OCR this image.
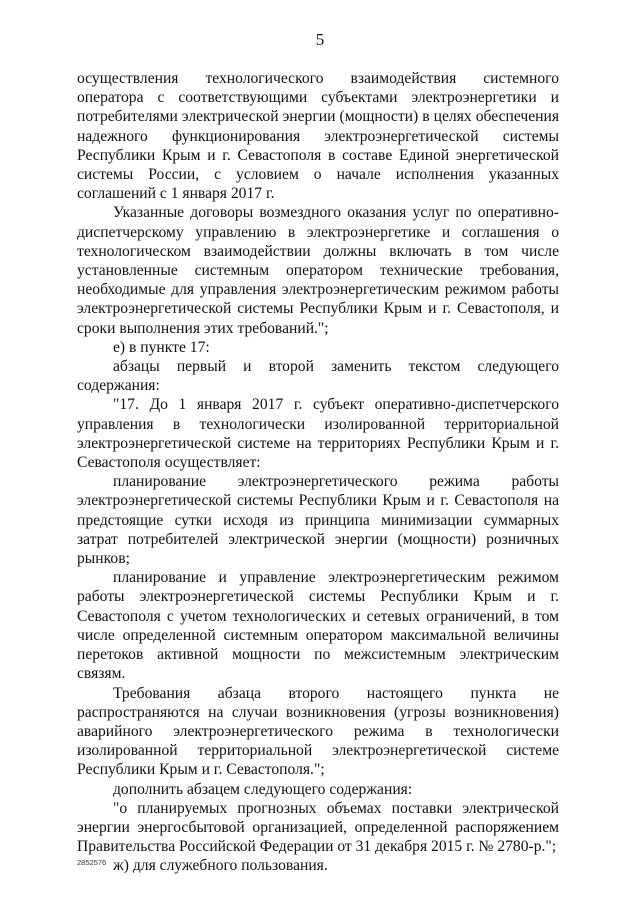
5

осуществления технологического взаимодействия системного оператора с соответствующими субъектами электроэнергетики и потребителями электрической энергии (мощности) в целях обеспечения надежного функционирования электроэнергетической системы Республики Крым и г. Севастополя в составе Единой энергетической системы России, с условием о начале исполнения указанных соглашений с 1 января 2017 г.

Указанные договоры возмездного оказания услуг по оперативно-диспетчерскому управлению в электроэнергетике и соглашения о технологическом взаимодействии должны включать в том числе установленные системным оператором технические требования, необходимые для управления электроэнергетическим режимом работы электроэнергетической системы Республики Крым и г. Севастополя, и сроки выполнения этих требований.";

е) в пункте 17:

абзацы первый и второй заменить текстом следующего содержания:

"17. До 1 января 2017 г. субъект оперативно-диспетчерского управления в технологически изолированной территориальной электроэнергетической системе на территориях Республики Крым и г. Севастополя осуществляет:

планирование электроэнергетического режима работы электроэнергетической системы Республики Крым и г. Севастополя на предстоящие сутки исходя из принципа минимизации суммарных затрат потребителей электрической энергии (мощности) розничных рынков;

планирование и управление электроэнергетическим режимом работы электроэнергетической системы Республики Крым и г. Севастополя с учетом технологических и сетевых ограничений, в том числе определенной системным оператором максимальной величины перетоков активной мощности по межсистемным электрическим связям.

Требования абзаца второго настоящего пункта не распространяются на случаи возникновения (угрозы возникновения) аварийного электроэнергетического режима в технологически изолированной территориальной электроэнергетической системе Республики Крым и г. Севастополя.";

дополнить абзацем следующего содержания:

"о планируемых прогнозных объемах поставки электрической энергии энергосбытовой организацией, определенной распоряжением Правительства Российской Федерации от 31 декабря 2015 г. № 2780-р.";

ж) для служебного пользования.

2852576
